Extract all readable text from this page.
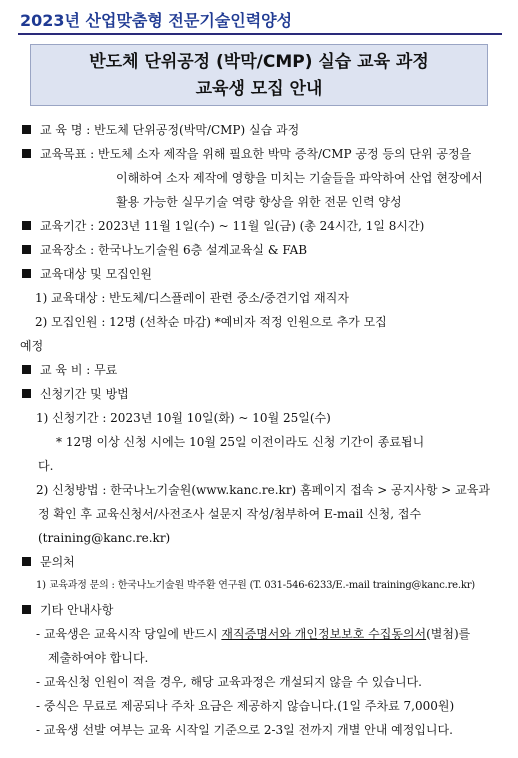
2023년 산업맞춤형 전문기술인력양성
반도체 단위공정 (박막/CMP) 실습 교육 과정
교육생 모집 안내
교 육 명 : 반도체 단위공정(박막/CMP) 실습 과정
교육목표 : 반도체 소자 제작을 위해 필요한 박막 증착/CMP 공정 등의 단위 공정을
이해하여 소자 제작에 영향을 미치는 기술들을 파악하여 산업 현장에서
활용 가능한 실무기술 역량 향상을 위한 전문 인력 양성
교육기간 : 2023년 11월 1일(수) ~ 11월 일(금) (총 24시간, 1일 8시간)
교육장소 : 한국나노기술원 6층 설계교육실 & FAB
교육대상 및 모집인원
1) 교육대상 : 반도체/디스플레이 관련 중소/중견기업 재직자
2) 모집인원 : 12명 (선착순 마감) *예비자 적정 인원으로 추가 모집
예정
교 육 비 : 무료
신청기간 및 방법
1) 신청기간 : 2023년 10월 10일(화) ~ 10월 25일(수)
* 12명 이상 신청 시에는 10월 25일 이전이라도 신청 기간이 종료됩니
다.
2) 신청방법 : 한국나노기술원(www.kanc.re.kr) 홈페이지 접속 > 공지사항 > 교육과
정 확인 후 교육신청서/사전조사 설문지 작성/첨부하여 E-mail 신청, 접수
(training@kanc.re.kr)
문의처
1) 교육과정 문의 : 한국나노기술원 박주환 연구원 (T. 031-546-6233/E.-mail training@kanc.re.kr)
기타 안내사항
- 교육생은 교육시작 당일에 반드시 재직증명서와 개인정보보호 수집동의서(별첨)를
제출하여야 합니다.
- 교육신청 인원이 적을 경우, 해당 교육과정은 개설되지 않을 수 있습니다.
- 중식은 무료로 제공되나 주차 요금은 제공하지 않습니다.(1일 주차료 7,000원)
- 교육생 선발 여부는 교육 시작일 기준으로 2-3일 전까지 개별 안내 예정입니다.
